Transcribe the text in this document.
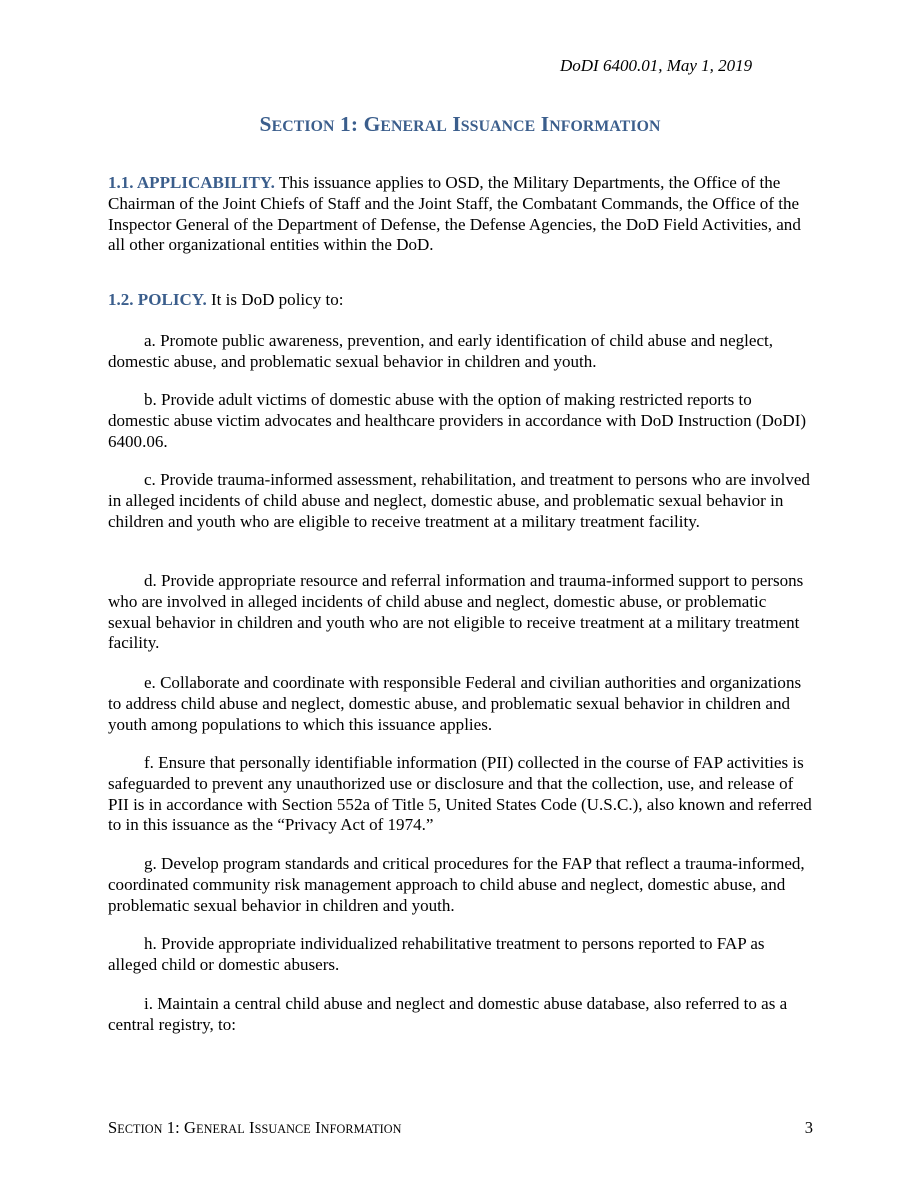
DoDI 6400.01, May 1, 2019
SECTION 1: GENERAL ISSUANCE INFORMATION
1.1. APPLICABILITY. This issuance applies to OSD, the Military Departments, the Office of the Chairman of the Joint Chiefs of Staff and the Joint Staff, the Combatant Commands, the Office of the Inspector General of the Department of Defense, the Defense Agencies, the DoD Field Activities, and all other organizational entities within the DoD.
1.2. POLICY. It is DoD policy to:
a. Promote public awareness, prevention, and early identification of child abuse and neglect, domestic abuse, and problematic sexual behavior in children and youth.
b. Provide adult victims of domestic abuse with the option of making restricted reports to domestic abuse victim advocates and healthcare providers in accordance with DoD Instruction (DoDI) 6400.06.
c. Provide trauma-informed assessment, rehabilitation, and treatment to persons who are involved in alleged incidents of child abuse and neglect, domestic abuse, and problematic sexual behavior in children and youth who are eligible to receive treatment at a military treatment facility.
d. Provide appropriate resource and referral information and trauma-informed support to persons who are involved in alleged incidents of child abuse and neglect, domestic abuse, or problematic sexual behavior in children and youth who are not eligible to receive treatment at a military treatment facility.
e. Collaborate and coordinate with responsible Federal and civilian authorities and organizations to address child abuse and neglect, domestic abuse, and problematic sexual behavior in children and youth among populations to which this issuance applies.
f. Ensure that personally identifiable information (PII) collected in the course of FAP activities is safeguarded to prevent any unauthorized use or disclosure and that the collection, use, and release of PII is in accordance with Section 552a of Title 5, United States Code (U.S.C.), also known and referred to in this issuance as the “Privacy Act of 1974.”
g. Develop program standards and critical procedures for the FAP that reflect a trauma-informed, coordinated community risk management approach to child abuse and neglect, domestic abuse, and problematic sexual behavior in children and youth.
h. Provide appropriate individualized rehabilitative treatment to persons reported to FAP as alleged child or domestic abusers.
i. Maintain a central child abuse and neglect and domestic abuse database, also referred to as a central registry, to:
SECTION 1: GENERAL ISSUANCE INFORMATION	3
